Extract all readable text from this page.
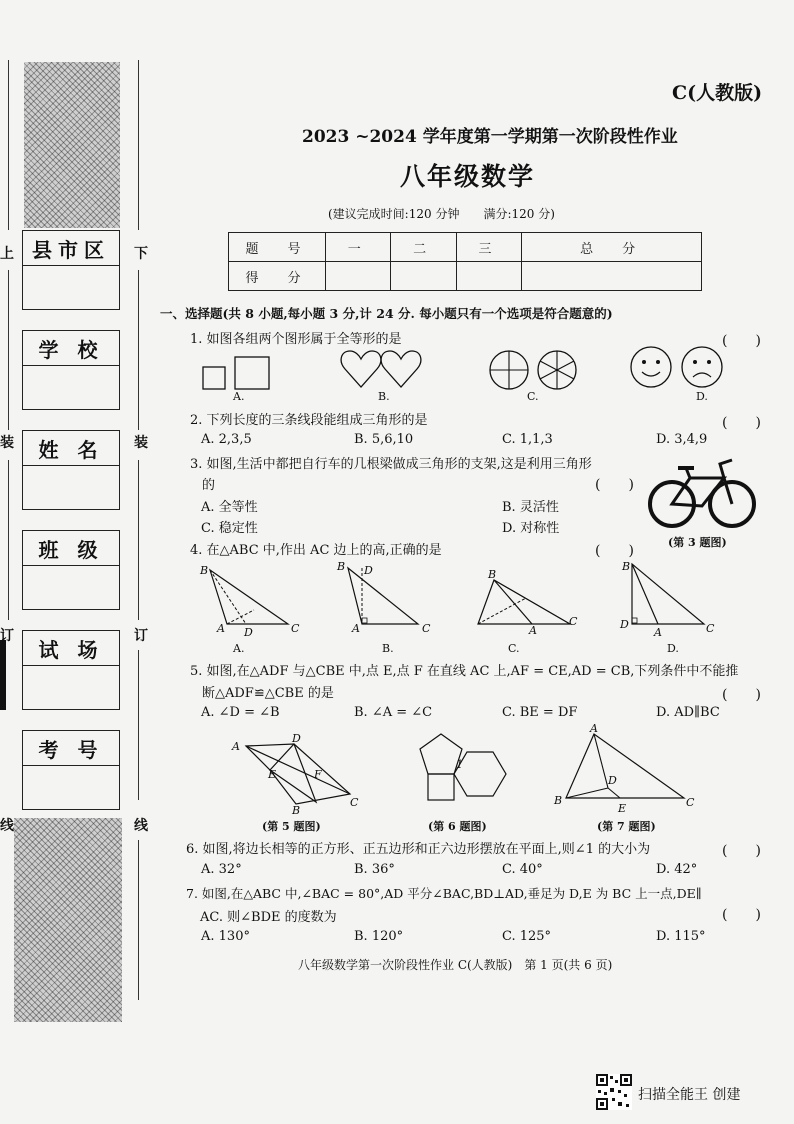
上
装
订
线
下
装
订
线
县市区
学 校
姓 名
班 级
试 场
考 号
C(人教版)
2023 ~2024 学年度第一学期第一次阶段性作业
八年级数学
(建议完成时间:120 分钟　　满分:120 分)
题　号	一	二	三	总　分
得　分				
一、选择题(共 8 小题,每小题 3 分,计 24 分. 每小题只有一个选项是符合题意的)
1. 如图各组两个图形属于全等形的是	(　　)
A.	B.	C.	D.
2. 下列长度的三条线段能组成三角形的是	(　　)
A. 2,3,5	B. 5,6,10	C. 1,1,3	D. 3,4,9
3. 如图,生活中都把自行车的几根梁做成三角形的支架,这是利用三角形
的	(　　)
A. 全等性	B. 灵活性
C. 稳定性	D. 对称性
(第 3 题图)
4. 在△ABC 中,作出 AC 边上的高,正确的是	(　　)
B
A D	C
B D
A	C
B
A
C
B
D
A	C
A.	B.	C.	D.
5. 如图,在△ADF 与△CBE 中,点 E,点 F 在直线 AC 上,AF = CE,AD = CB,下列条件中不能推
断△ADF≌△CBE 的是	(　　)
A. ∠D = ∠B	B. ∠A = ∠C	C. BE = DF	D. AD∥BC
A
D
E	F
B
C
1
A
D
B
E	C
(第 5 题图)	(第 6 题图)	(第 7 题图)
6. 如图,将边长相等的正方形、正五边形和正六边形摆放在平面上,则∠1 的大小为	(　　)
A. 32°	B. 36°	C. 40°	D. 42°
7. 如图,在△ABC 中,∠BAC = 80°,AD 平分∠BAC,BD⊥AD,垂足为 D,E 为 BC 上一点,DE∥
AC. 则∠BDE 的度数为	(　　)
A. 130°	B. 120°	C. 125°	D. 115°
八年级数学第一次阶段性作业 C(人教版)　第 1 页(共 6 页)
扫描全能王 创建
